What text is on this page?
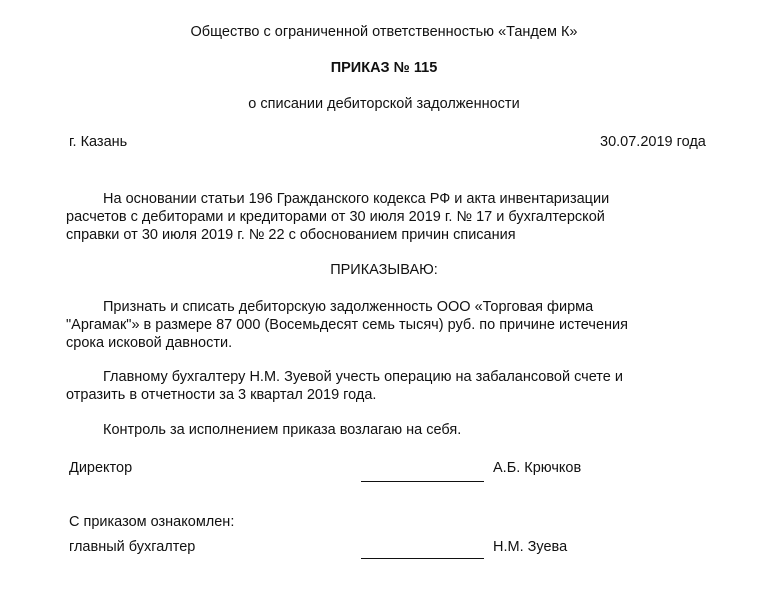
Общество с ограниченной ответственностью «Тандем К»
ПРИКАЗ № 115
о списании дебиторской задолженности
г. Казань	30.07.2019 года
На основании статьи 196 Гражданского кодекса РФ и акта инвентаризации
расчетов с дебиторами и кредиторами от 30 июля 2019 г. № 17 и бухгалтерской
справки от 30 июля 2019 г. № 22 с обоснованием причин списания
ПРИКАЗЫВАЮ:
Признать и списать дебиторскую задолженность ООО «Торговая фирма
"Аргамак"» в размере 87 000 (Восемьдесят семь тысяч) руб. по причине истечения
срока исковой давности.
Главному бухгалтеру Н.М. Зуевой учесть операцию на забалансовой счете и
отразить в отчетности за 3 квартал 2019 года.
Контроль за исполнением приказа возлагаю на себя.
Директор	А.Б. Крючков
С приказом ознакомлен:
главный бухгалтер	Н.М. Зуева
